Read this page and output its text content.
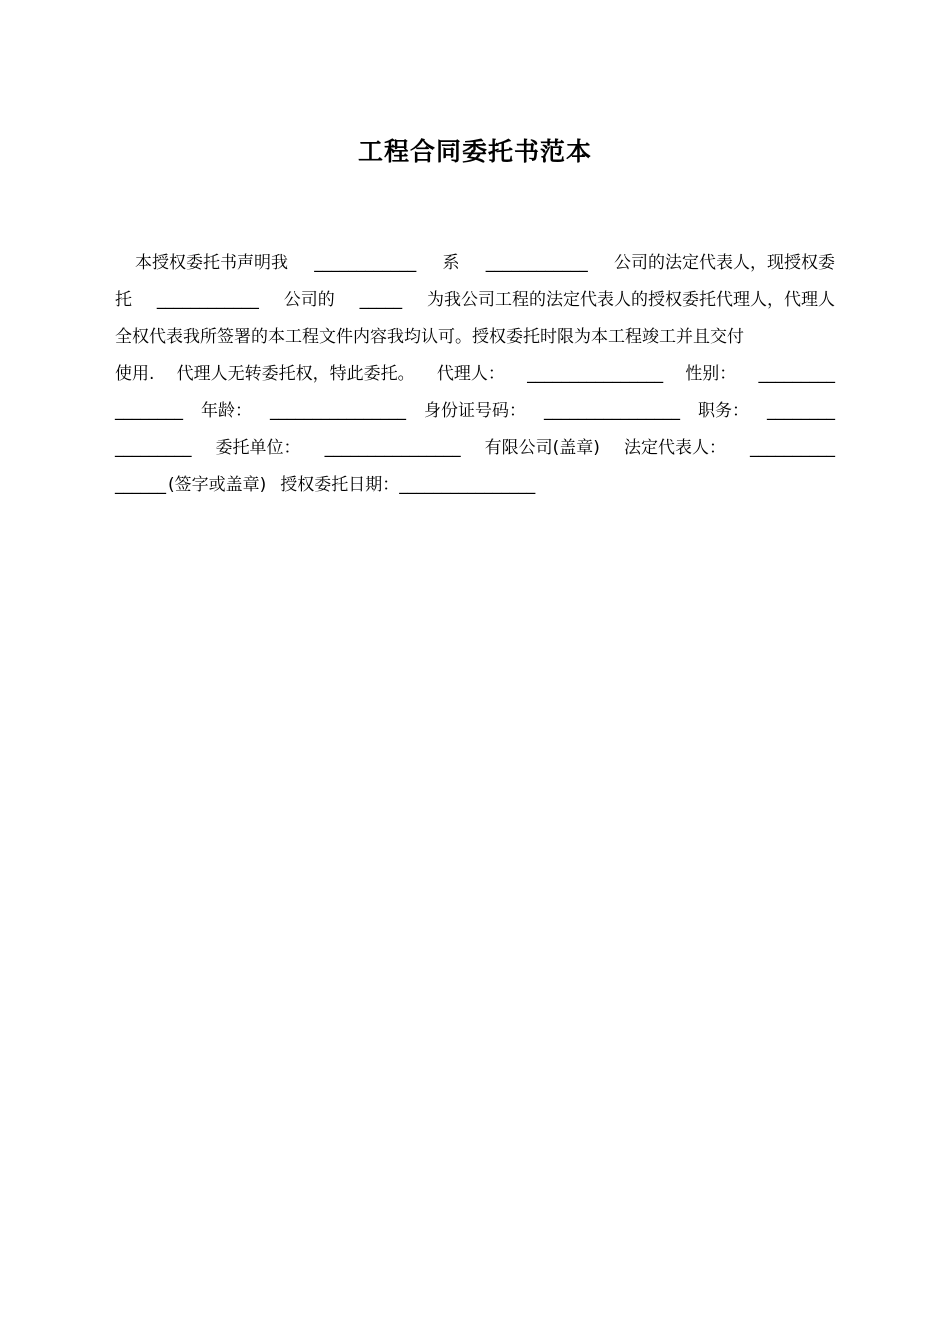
工程合同委托书范本
本授权委托书声明我 ____________ 系 ____________ 公司的法定代表人，现授权委
托 ____________ 公司的 _____ 为我公司工程的法定代表人的授权委托代理人，代理人
全权代表我所签署的本工程文件内容我均认可。授权委托时限为本工程竣工并且交付
使用. 代理人无转委托权，特此委托。 代理人： ________________ 性别： _________
________ 年龄： ________________ 身份证号码： ________________ 职务： ________
_________ 委托单位： ________________ 有限公司(盖章) 法定代表人： __________
______ (签字或盖章) 授权委托日期： ________________
